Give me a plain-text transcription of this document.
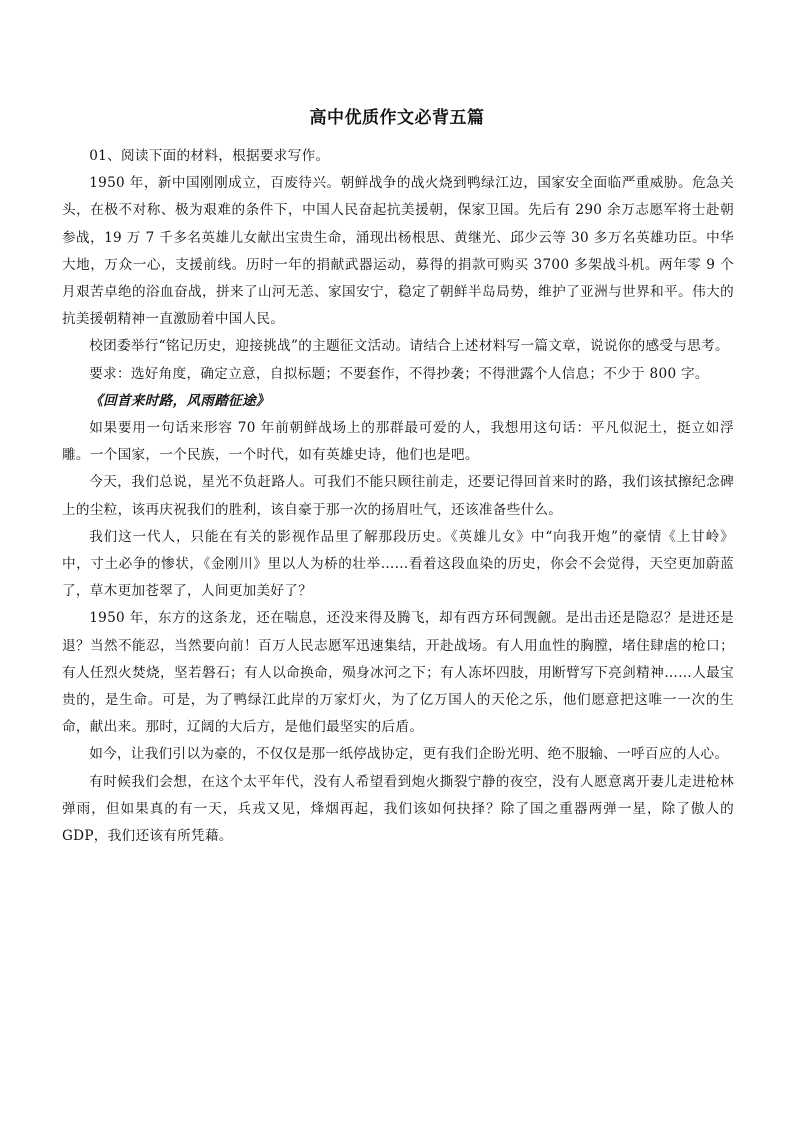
高中优质作文必背五篇

01、阅读下面的材料，根据要求写作。

1950 年，新中国刚刚成立，百废待兴。朝鲜战争的战火烧到鸭绿江边，国家安全面临严重威胁。危急关头，在极不对称、极为艰难的条件下，中国人民奋起抗美援朝，保家卫国。先后有 290 余万志愿军将士赴朝参战，19 万 7 千多名英雄儿女献出宝贵生命，涌现出杨根思、黄继光、邱少云等 30 多万名英雄功臣。中华大地，万众一心，支援前线。历时一年的捐献武器运动，募得的捐款可购买 3700 多架战斗机。两年零 9 个月艰苦卓绝的浴血奋战，拼来了山河无恙、家国安宁，稳定了朝鲜半岛局势，维护了亚洲与世界和平。伟大的抗美援朝精神一直激励着中国人民。

校团委举行“铭记历史，迎接挑战”的主题征文活动。请结合上述材料写一篇文章，说说你的感受与思考。

要求：选好角度，确定立意，自拟标题；不要套作，不得抄袭；不得泄露个人信息；不少于 800 字。

《回首来时路，风雨踏征途》

如果要用一句话来形容 70 年前朝鲜战场上的那群最可爱的人，我想用这句话：平凡似泥土，挺立如浮雕。一个国家，一个民族，一个时代，如有英雄史诗，他们也是吧。

今天，我们总说，星光不负赶路人。可我们不能只顾往前走，还要记得回首来时的路，我们该拭擦纪念碑上的尘粒，该再庆祝我们的胜利，该自豪于那一次的扬眉吐气，还该准备些什么。

我们这一代人，只能在有关的影视作品里了解那段历史。《英雄儿女》中“向我开炮”的豪情《上甘岭》中，寸土必争的惨状，《金刚川》里以人为桥的壮举……看着这段血染的历史，你会不会觉得，天空更加蔚蓝了，草木更加苍翠了，人间更加美好了？

1950 年，东方的这条龙，还在喘息，还没来得及腾飞，却有西方环伺觊觎。是出击还是隐忍？是进还是退？当然不能忍，当然要向前！百万人民志愿军迅速集结，开赴战场。有人用血性的胸膛，堵住肆虐的枪口；有人任烈火焚烧，坚若磐石；有人以命换命，殒身冰河之下；有人冻坏四肢，用断臂写下亮剑精神……人最宝贵的，是生命。可是，为了鸭绿江此岸的万家灯火，为了亿万国人的天伦之乐，他们愿意把这唯一一次的生命，献出来。那时，辽阔的大后方，是他们最坚实的后盾。

如今，让我们引以为豪的，不仅仅是那一纸停战协定，更有我们企盼光明、绝不服输、一呼百应的人心。

有时候我们会想，在这个太平年代，没有人希望看到炮火撕裂宁静的夜空，没有人愿意离开妻儿走进枪林弹雨，但如果真的有一天，兵戎又见，烽烟再起，我们该如何抉择？除了国之重器两弹一星，除了傲人的 GDP，我们还该有所凭藉。
